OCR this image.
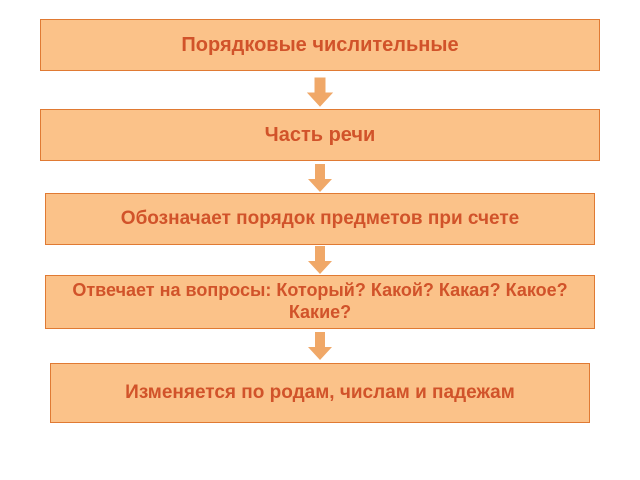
Порядковые числительные
Часть речи
Обозначает порядок предметов при счете
Отвечает на вопросы: Который? Какой? Какая? Какое? Какие?
Изменяется по родам, числам и падежам
